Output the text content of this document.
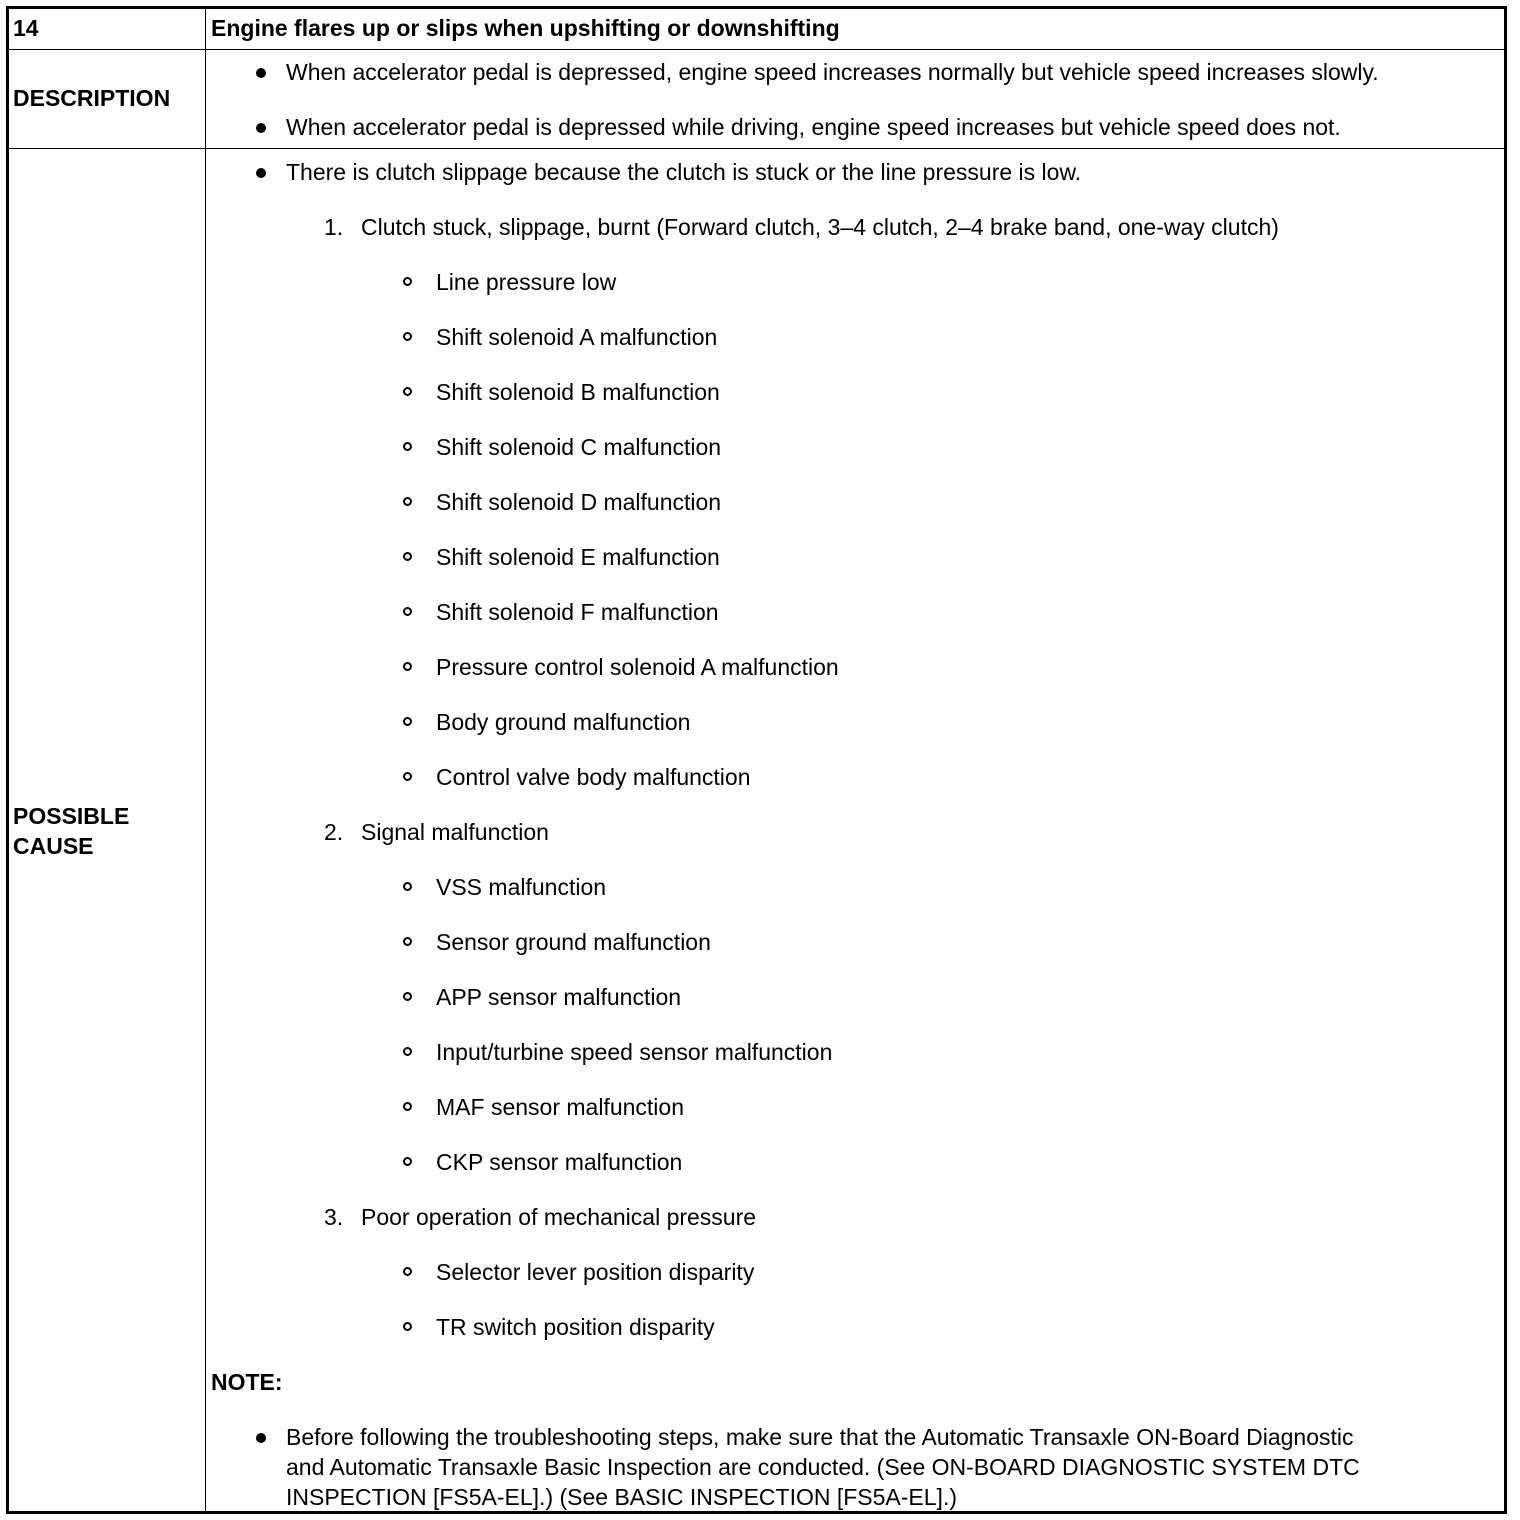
14	Engine flares up or slips when upshifting or downshifting
DESCRIPTION
When accelerator pedal is depressed, engine speed increases normally but vehicle speed increases slowly.
When accelerator pedal is depressed while driving, engine speed increases but vehicle speed does not.
POSSIBLE
CAUSE
There is clutch slippage because the clutch is stuck or the line pressure is low.
1. Clutch stuck, slippage, burnt (Forward clutch, 3–4 clutch, 2–4 brake band, one-way clutch)
Line pressure low
Shift solenoid A malfunction
Shift solenoid B malfunction
Shift solenoid C malfunction
Shift solenoid D malfunction
Shift solenoid E malfunction
Shift solenoid F malfunction
Pressure control solenoid A malfunction
Body ground malfunction
Control valve body malfunction
2. Signal malfunction
VSS malfunction
Sensor ground malfunction
APP sensor malfunction
Input/turbine speed sensor malfunction
MAF sensor malfunction
CKP sensor malfunction
3. Poor operation of mechanical pressure
Selector lever position disparity
TR switch position disparity
NOTE:
Before following the troubleshooting steps, make sure that the Automatic Transaxle ON-Board Diagnostic
and Automatic Transaxle Basic Inspection are conducted. (See ON-BOARD DIAGNOSTIC SYSTEM DTC
INSPECTION [FS5A-EL].) (See BASIC INSPECTION [FS5A-EL].)
